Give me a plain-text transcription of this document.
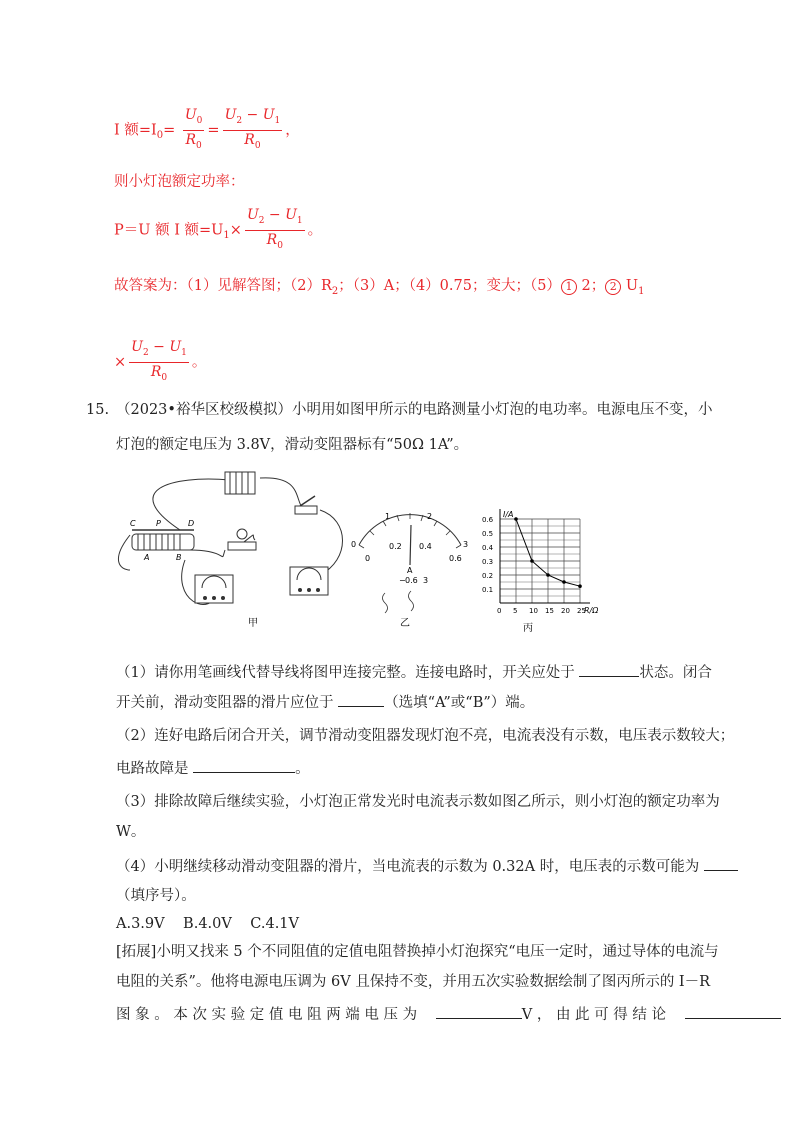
I 额$=I_0= \frac{U_0}{R_0} = \frac{U_2 - U_1}{R_0}$ ，
则小灯泡额定功率：
P＝U 额 I 额$=U_1\times \frac{U_2 - U_1}{R_0}$ 。
故答案为：（1）见解答图；$(2)R_2$；（3）A；（4）0.75；变大；（5） 1 2； 2 $U_1$
× $\frac{U_2 - U_1}{R_0}$ 。
15. （2023•裕华区校级模拟）小明用如图甲所示的电路测量小灯泡的电功率。电源电压不变，小
灯泡的额定电压为 3.8V，滑动变阻器标有“50Ω 1A”。
C	P	D
A	B
甲
0
1	2
3
0
0.2 0.4
0.6
A
− 0.6 3
乙
0 5 10 15 20 25
0.1
0.2
0.3
0.4
0.5
0.6
I/A
R/Ω
丙
（1）请你用笔画线代替导线将图甲连接完整。连接电路时，开关应处于	状态。闭合
开关前，滑动变阻器的滑片应位于	（选填“A”或“B”）端。
（2）连好电路后闭合开关，调节滑动变阻器发现灯泡不亮，电流表没有示数，电压表示数较大；
电路故障是	。
（3）排除故障后继续实验，小灯泡正常发光时电流表示数如图乙所示，则小灯泡的额定功率为
W。
（4）小明继续移动滑动变阻器的滑片，当电流表的示数为 0.32A 时，电压表的示数可能为
（填序号）。
A.3.9V    B.4.0V    C.4.1V
[拓展]小明又找来 5 个不同阻值的定值电阻替换掉小灯泡探究“电压一定时，通过导体的电流与
电阻的关系”。他将电源电压调为 6V 且保持不变，并用五次实验数据绘制了图丙所示的 I－R
图 象 。 本 次 实 验 定 值 电 阻 两 端 电 压 为	V ， 由 此 可 得 结 论
